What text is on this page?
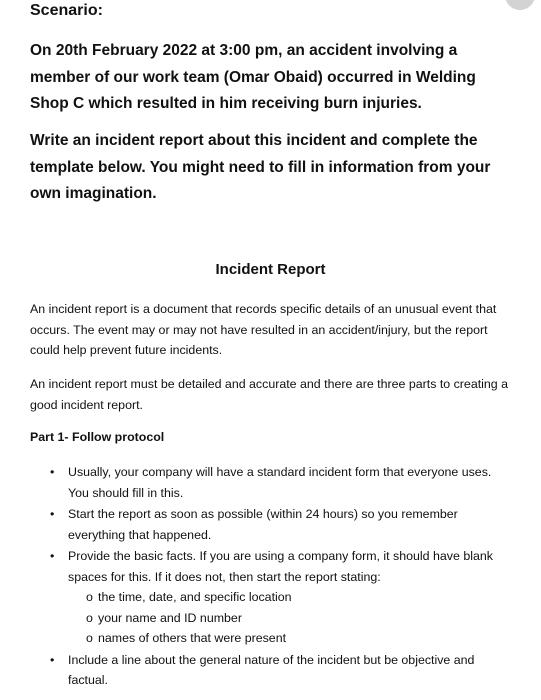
Scenario:

On 20th February 2022 at 3:00 pm, an accident involving a member of our work team (Omar Obaid) occurred in Welding Shop C which resulted in him receiving burn injuries.

Write an incident report about this incident and complete the template below. You might need to fill in information from your own imagination.

Incident Report

An incident report is a document that records specific details of an unusual event that occurs. The event may or may not have resulted in an accident/injury, but the report could help prevent future incidents.

An incident report must be detailed and accurate and there are three parts to creating a good incident report.

Part 1- Follow protocol
• Usually, your company will have a standard incident form that everyone uses. You should fill in this.
• Start the report as soon as possible (within 24 hours) so you remember everything that happened.
• Provide the basic facts. If you are using a company form, it should have blank spaces for this. If it does not, then start the report stating:
o the time, date, and specific location
o your name and ID number
o names of others that were present
• Include a line about the general nature of the incident but be objective and factual.
